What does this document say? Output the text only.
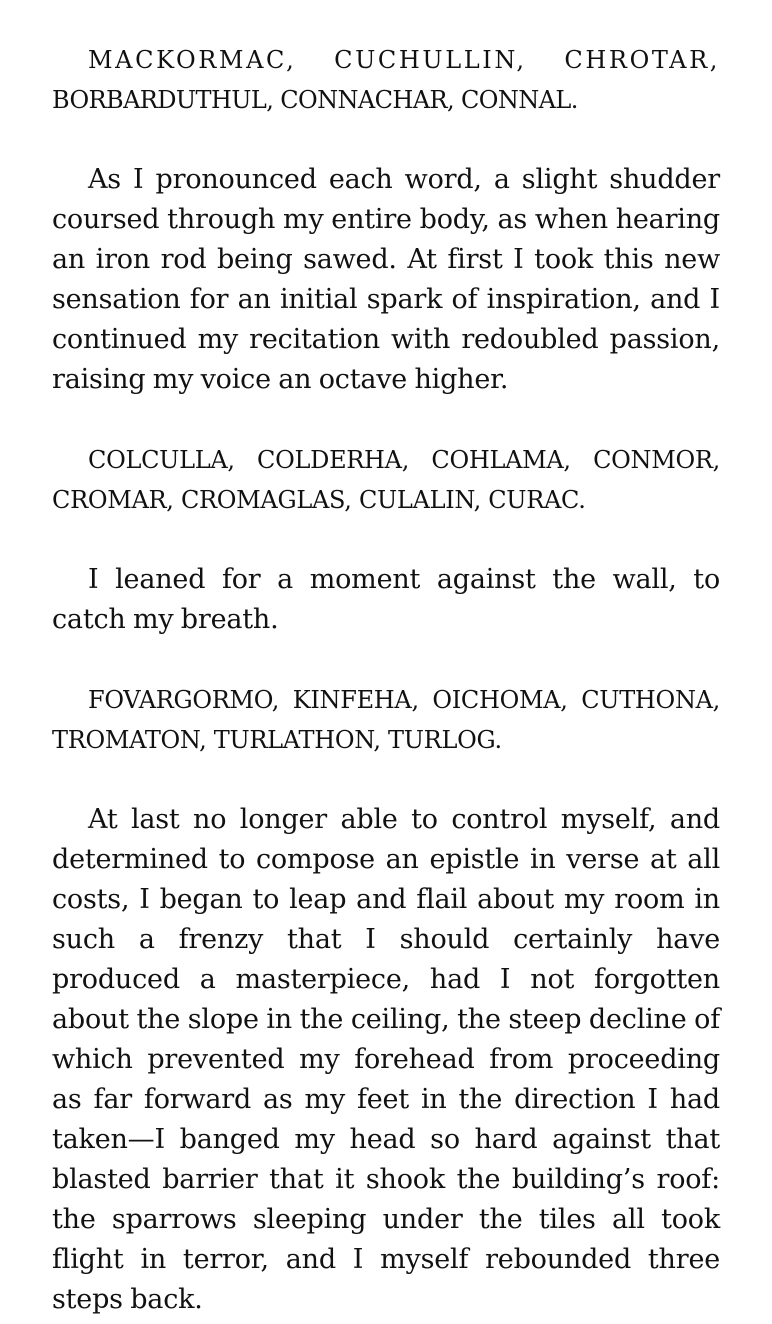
MACKORMAC, CUCHULLIN, CHROTAR, BORBARDUTHUL, CONNACHAR, CONNAL.

As I pronounced each word, a slight shudder coursed through my entire body, as when hearing an iron rod being sawed. At first I took this new sensation for an initial spark of inspiration, and I continued my recitation with redoubled passion, raising my voice an octave higher.

COLCULLA, COLDERHA, COHLAMA, CONMOR, CROMAR, CROMAGLAS, CULALIN, CURAC.

I leaned for a moment against the wall, to catch my breath.

FOVARGORMO, KINFEHA, OICHOMA, CUTHONA, TROMATON, TURLATHON, TURLOG.

At last no longer able to control myself, and determined to compose an epistle in verse at all costs, I began to leap and flail about my room in such a frenzy that I should certainly have produced a masterpiece, had I not forgotten about the slope in the ceiling, the steep decline of which prevented my forehead from proceeding as far forward as my feet in the direction I had taken—I banged my head so hard against that blasted barrier that it shook the building’s roof: the sparrows sleeping under the tiles all took flight in terror, and I myself rebounded three steps back.
